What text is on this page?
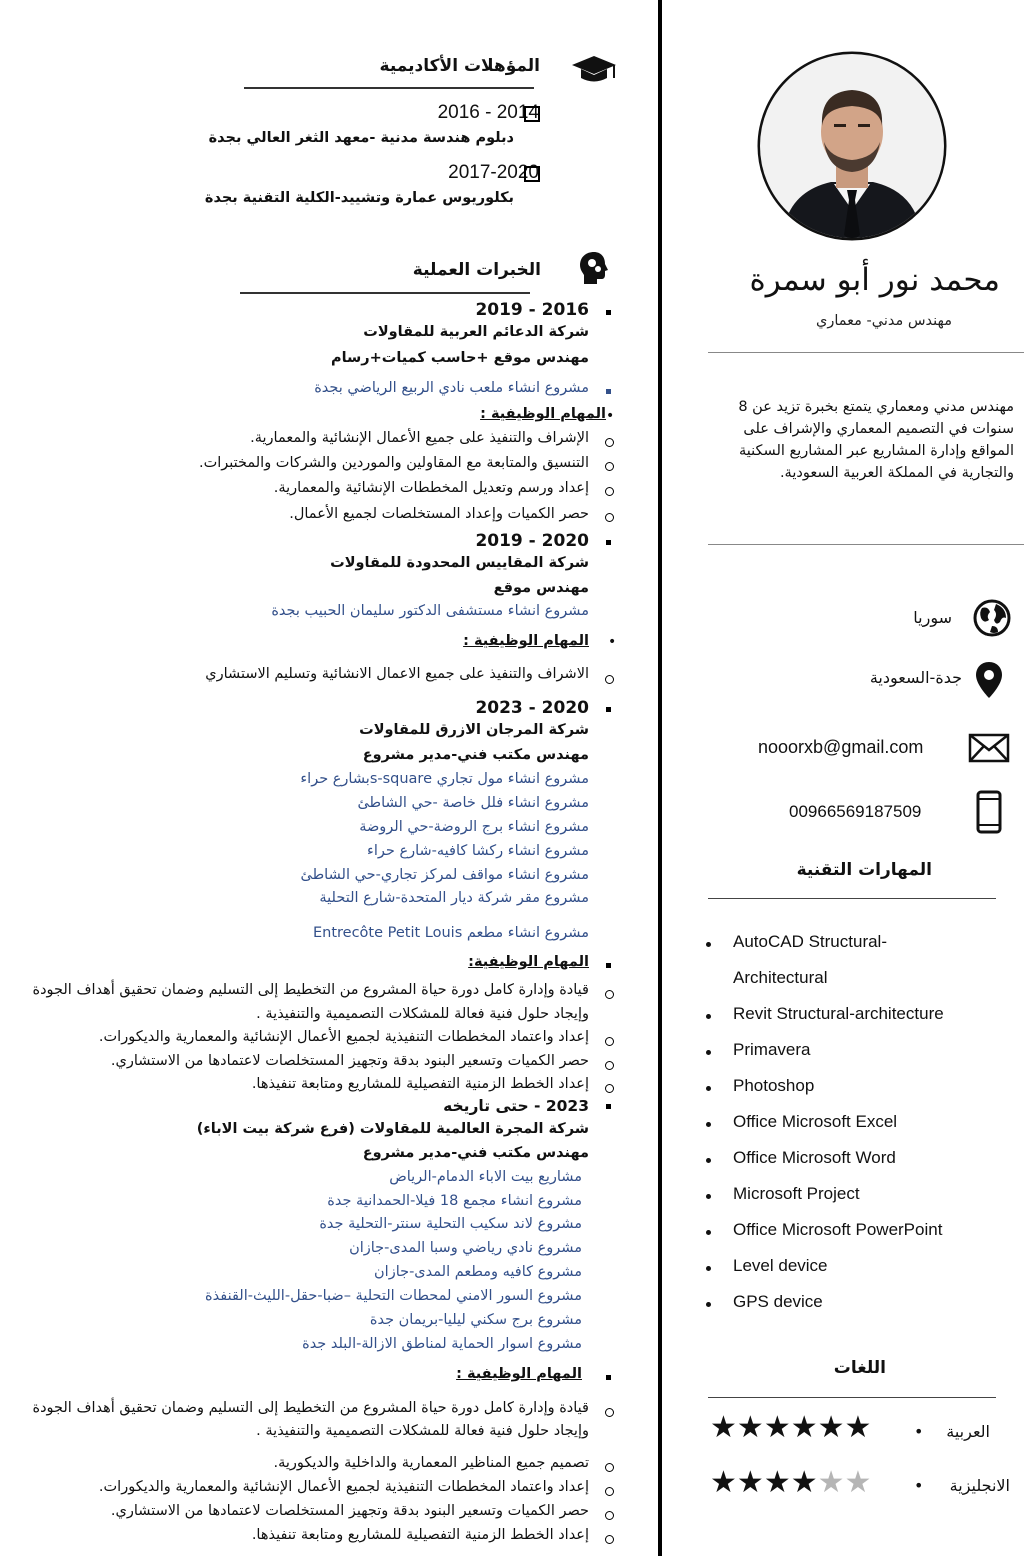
المؤهلات الأكاديمية
2016 - 2014
دبلوم هندسة مدنية -معهد الثغر العالي بجدة
2017-2020
بكلوريوس عمارة وتشييد-الكلية التقنية بجدة
الخبرات العملية
2016 - 2019
شركة الدعائم العربية للمقاولات
مهندس موقع +حاسب كميات+رسام
مشروع انشاء ملعب نادي الربيع الرياضي بجدة
•
المهام الوظيفية :
الإشراف والتنفيذ على جميع الأعمال الإنشائية والمعمارية.
التنسيق والمتابعة مع المقاولين والموردين والشركات والمختبرات.
إعداد ورسم وتعديل المخططات الإنشائية والمعمارية.
حصر الكميات وإعداد المستخلصات لجميع الأعمال.
2020 - 2019
شركة المقاييس المحدودة للمقاولات
مهندس موقع
مشروع انشاء مستشفى الدكتور سليمان الحبيب بجدة
•
المهام الوظيفية :
الاشراف والتنفيذ على جميع الاعمال الانشائية وتسليم الاستشاري
2020 - 2023
شركة المرجان الازرق للمقاولات
مهندس مكتب فني-مدير مشروع
مشروع انشاء مول تجاري s-squareبشارع حراء
مشروع انشاء فلل خاصة -حي الشاطئ
مشروع انشاء برج الروضة-حي الروضة
مشروع انشاء ركشا كافيه-شارع حراء
مشروع انشاء مواقف لمركز تجاري-حي الشاطئ
مشروع مقر شركة ديار المتحدة-شارع التحلية
مشروع انشاء مطعم Entrecôte Petit Louis
المهام الوظيفية:
قيادة وإدارة كامل دورة حياة المشروع من التخطيط إلى التسليم وضمان تحقيق أهداف الجودة
وإيجاد حلول فنية فعالة للمشكلات التصميمية والتنفيذية .
إعداد واعتماد المخططات التنفيذية لجميع الأعمال الإنشائية والمعمارية والديكورات.
حصر الكميات وتسعير البنود بدقة وتجهيز المستخلصات لاعتمادها من الاستشاري.
إعداد الخطط الزمنية التفصيلية للمشاريع ومتابعة تنفيذها.
2023 - حتى تاريخه
شركة المجرة العالمية للمقاولات (فرع شركة بيت الاباء)
مهندس مكتب فني-مدير مشروع
مشاريع بيت الاباء الدمام-الرياض
مشروع انشاء مجمع 18 فيلا-الحمدانية جدة
مشروع لاند سكيب التحلية سنتر-التحلية جدة
مشروع نادي رياضي وسبا المدى-جازان
مشروع كافيه ومطعم المدى-جازان
مشروع السور الامني لمحطات التحلية –ضبا-حقل-الليث-القنفذة
مشروع برج سكني ليليا-بريمان جدة
مشروع اسوار الحماية لمناطق الازالة-البلد جدة
المهام الوظيفية :
قيادة وإدارة كامل دورة حياة المشروع من التخطيط إلى التسليم وضمان تحقيق أهداف الجودة
وإيجاد حلول فنية فعالة للمشكلات التصميمية والتنفيذية .
تصميم جميع المناظير المعمارية والداخلية والديكورية.
إعداد واعتماد المخططات التنفيذية لجميع الأعمال الإنشائية والمعمارية والديكورات.
حصر الكميات وتسعير البنود بدقة وتجهيز المستخلصات لاعتمادها من الاستشاري.
إعداد الخطط الزمنية التفصيلية للمشاريع ومتابعة تنفيذها.
محمد نور أبو سمرة
مهندس مدني- معماري
مهندس مدني ومعماري يتمتع بخبرة تزيد عن 8
سنوات في التصميم المعماري والإشراف على
المواقع وإدارة المشاريع عبر المشاريع السكنية
والتجارية في المملكة العربية السعودية.
سوريا
جدة-السعودية
nooorxb@gmail.com
00966569187509
المهارات التقنية
AutoCAD Structural-
Architectural
Revit Structural-architecture
Primavera
Photoshop
Office Microsoft Excel
Office Microsoft Word
Microsoft Project
Office Microsoft PowerPoint
Level device
GPS device
اللغات
العربية
•
★★★★★★
الانجليزية
•
★★★★★★
